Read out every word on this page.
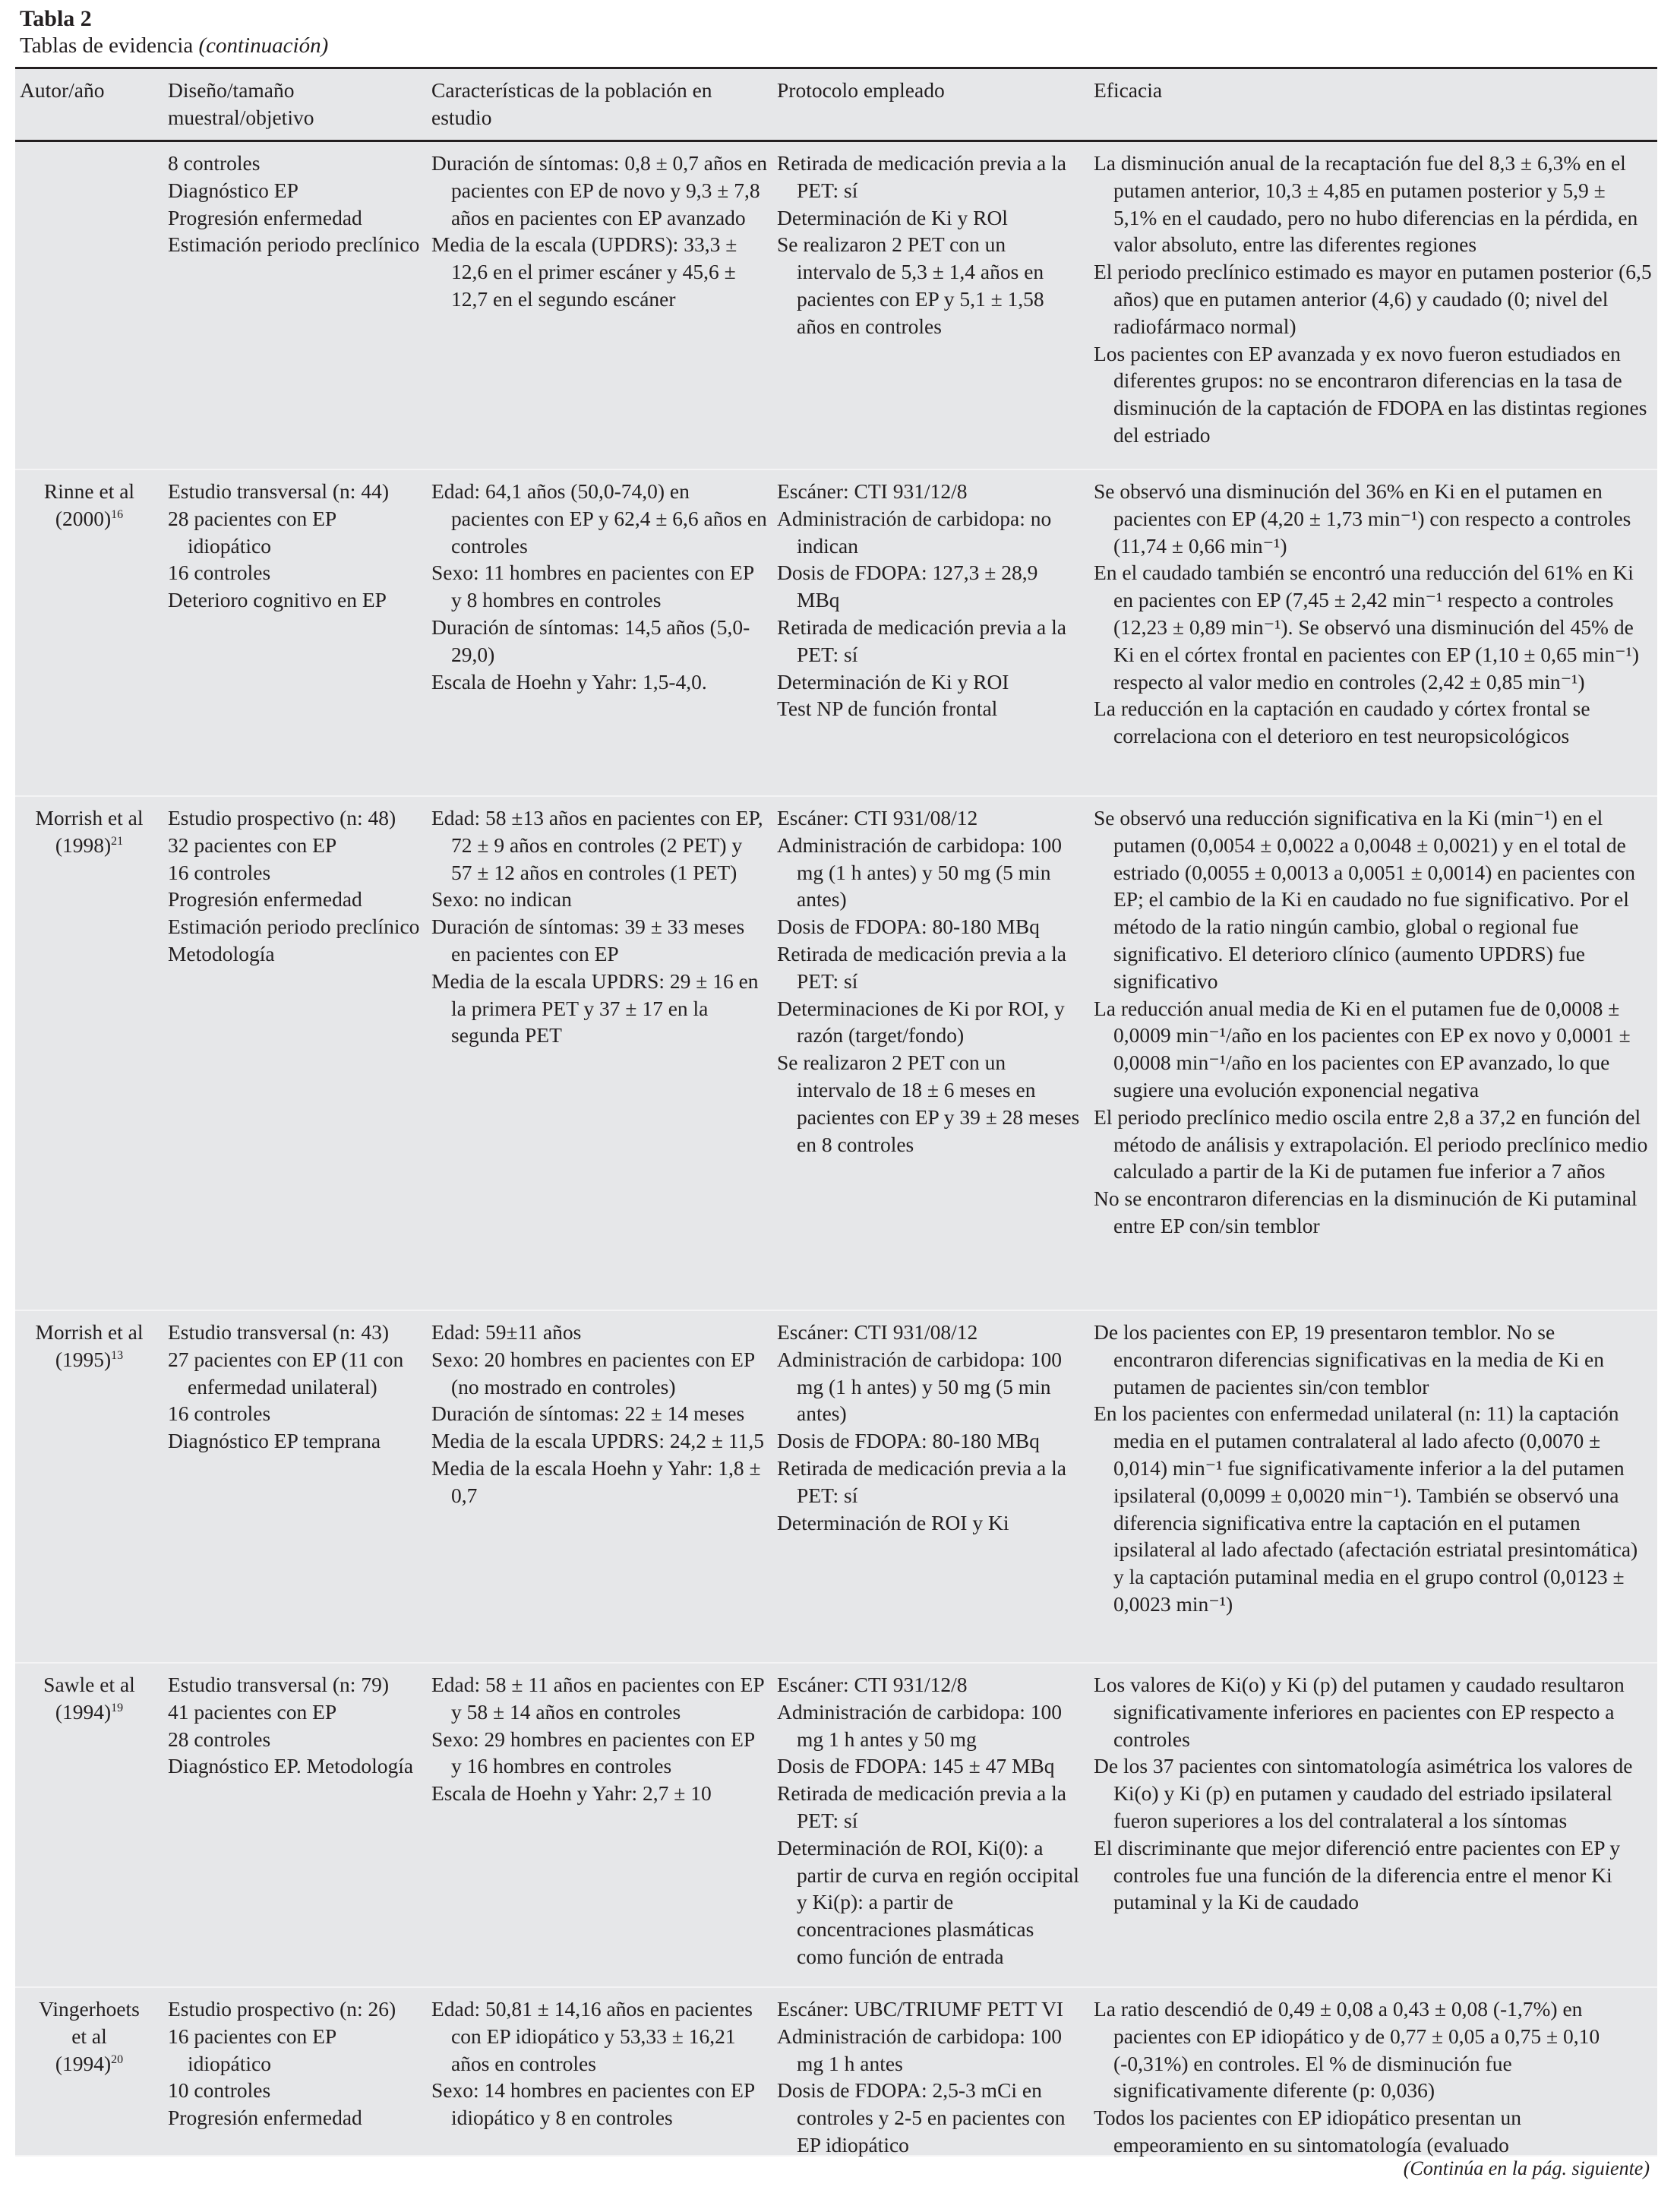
Tabla 2
Tablas de evidencia (continuación)
Autor/año	Diseño/tamaño muestral/objetivo
Características de la población en estudio
Protocolo empleado	Eficacia
8 controles
Diagnóstico EP
Progresión enfermedad
Estimación periodo preclínico
Duración de síntomas: 0,8 ± 0,7 años en pacientes con EP de novo y 9,3 ± 7,8 años en pacientes con EP avanzado
Media de la escala (UPDRS): 33,3 ± 12,6 en el primer escáner y 45,6 ± 12,7 en el segundo escáner
Retirada de medicación previa a la PET: sí
Determinación de Ki y ROl
Se realizaron 2 PET con un intervalo de 5,3 ± 1,4 años en pacientes con EP y 5,1 ± 1,58 años en controles
La disminución anual de la recaptación fue del 8,3 ± 6,3% en el putamen anterior, 10,3 ± 4,85 en putamen posterior y 5,9 ± 5,1% en el caudado, pero no hubo diferencias en la pérdida, en valor absoluto, entre las diferentes regiones
El periodo preclínico estimado es mayor en putamen posterior (6,5 años) que en putamen anterior (4,6) y caudado (0; nivel del radiofármaco normal)
Los pacientes con EP avanzada y ex novo fueron estudiados en diferentes grupos: no se encontraron diferencias en la tasa de disminución de la captación de FDOPA en las distintas regiones del estriado
Rinne et al
$(2000)^{16}$
Estudio transversal (n: 44)
28 pacientes con EP idiopático
16 controles
Deterioro cognitivo en EP
Edad: 64,1 años (50,0-74,0) en pacientes con EP y 62,4 ± 6,6 años en controles
Sexo: 11 hombres en pacientes con EP y 8 hombres en controles
Duración de síntomas: 14,5 años (5,0-29,0)
Escala de Hoehn y Yahr: 1,5-4,0.
Escáner: CTI 931/12/8
Administración de carbidopa: no indican
Dosis de FDOPA: 127,3 ± 28,9 MBq
Retirada de medicación previa a la PET: sí
Determinación de Ki y ROI
Test NP de función frontal
Se observó una disminución del 36% en Ki en el putamen en pacientes con EP (4,20 ± 1,73 min⁻¹) con respecto a controles (11,74 ± 0,66 min⁻¹)
En el caudado también se encontró una reducción del 61% en Ki en pacientes con EP (7,45 ± 2,42 min⁻¹ respecto a controles (12,23 ± 0,89 min⁻¹). Se observó una disminución del 45% de Ki en el córtex frontal en pacientes con EP (1,10 ± 0,65 min⁻¹) respecto al valor medio en controles (2,42 ± 0,85 min⁻¹)
La reducción en la captación en caudado y córtex frontal se correlaciona con el deterioro en test neuropsicológicos
Morrish et al
$(1998)^{21}$
Estudio prospectivo (n: 48)
32 pacientes con EP
16 controles
Progresión enfermedad
Estimación periodo preclínico
Metodología
Edad: 58 ±13 años en pacientes con EP, 72 ± 9 años en controles (2 PET) y 57 ± 12 años en controles (1 PET)
Sexo: no indican
Duración de síntomas: 39 ± 33 meses en pacientes con EP
Media de la escala UPDRS: 29 ± 16 en la primera PET y 37 ± 17 en la segunda PET
Escáner: CTI 931/08/12
Administración de carbidopa: 100 mg (1 h antes) y 50 mg (5 min antes)
Dosis de FDOPA: 80-180 MBq
Retirada de medicación previa a la PET: sí
Determinaciones de Ki por ROI, y razón (target/fondo)
Se realizaron 2 PET con un intervalo de 18 ± 6 meses en pacientes con EP y 39 ± 28 meses en 8 controles
Se observó una reducción significativa en la Ki (min⁻¹) en el putamen (0,0054 ± 0,0022 a 0,0048 ± 0,0021) y en el total de estriado (0,0055 ± 0,0013 a 0,0051 ± 0,0014) en pacientes con EP; el cambio de la Ki en caudado no fue significativo. Por el método de la ratio ningún cambio, global o regional fue significativo. El deterioro clínico (aumento UPDRS) fue significativo
La reducción anual media de Ki en el putamen fue de 0,0008 ± 0,0009 min⁻¹/año en los pacientes con EP ex novo y 0,0001 ± 0,0008 min⁻¹/año en los pacientes con EP avanzado, lo que sugiere una evolución exponencial negativa
El periodo preclínico medio oscila entre 2,8 a 37,2 en función del método de análisis y extrapolación. El periodo preclínico medio calculado a partir de la Ki de putamen fue inferior a 7 años
No se encontraron diferencias en la disminución de Ki putaminal entre EP con/sin temblor
Morrish et al
$(1995)^{13}$
Estudio transversal (n: 43)
27 pacientes con EP (11 con enfermedad unilateral)
16 controles
Diagnóstico EP temprana
Edad: 59±11 años
Sexo: 20 hombres en pacientes con EP (no mostrado en controles)
Duración de síntomas: 22 ± 14 meses
Media de la escala UPDRS: 24,2 ± 11,5
Media de la escala Hoehn y Yahr: 1,8 ± 0,7
Escáner: CTI 931/08/12
Administración de carbidopa: 100 mg (1 h antes) y 50 mg (5 min antes)
Dosis de FDOPA: 80-180 MBq
Retirada de medicación previa a la PET: sí
Determinación de ROI y Ki
De los pacientes con EP, 19 presentaron temblor. No se encontraron diferencias significativas en la media de Ki en putamen de pacientes sin/con temblor
En los pacientes con enfermedad unilateral (n: 11) la captación media en el putamen contralateral al lado afecto (0,0070 ± 0,014) min⁻¹ fue significativamente inferior a la del putamen ipsilateral (0,0099 ± 0,0020 min⁻¹). También se observó una diferencia significativa entre la captación en el putamen ipsilateral al lado afectado (afectación estriatal presintomática) y la captación putaminal media en el grupo control (0,0123 ± 0,0023 min⁻¹)
Sawle et al
$(1994)^{19}$
Estudio transversal (n: 79)
41 pacientes con EP
28 controles
Diagnóstico EP. Metodología
Edad: 58 ± 11 años en pacientes con EP y 58 ± 14 años en controles
Sexo: 29 hombres en pacientes con EP y 16 hombres en controles
Escala de Hoehn y Yahr: 2,7 ± 10
Escáner: CTI 931/12/8
Administración de carbidopa: 100 mg 1 h antes y 50 mg
Dosis de FDOPA: 145 ± 47 MBq
Retirada de medicación previa a la PET: sí
Determinación de ROI, Ki(0): a partir de curva en región occipital y Ki(p): a partir de concentraciones plasmáticas como función de entrada
Los valores de Ki(o) y Ki (p) del putamen y caudado resultaron significativamente inferiores en pacientes con EP respecto a controles
De los 37 pacientes con sintomatología asimétrica los valores de Ki(o) y Ki (p) en putamen y caudado del estriado ipsilateral fueron superiores a los del contralateral a los síntomas
El discriminante que mejor diferenció entre pacientes con EP y controles fue una función de la diferencia entre el menor Ki putaminal y la Ki de caudado
Vingerhoets
et al
$(1994)^{20}$
Estudio prospectivo (n: 26)
16 pacientes con EP idiopático
10 controles
Progresión enfermedad
Edad: 50,81 ± 14,16 años en pacientes con EP idiopático y 53,33 ± 16,21 años en controles
Sexo: 14 hombres en pacientes con EP idiopático y 8 en controles
Escáner: UBC/TRIUMF PETT VI
Administración de carbidopa: 100 mg 1 h antes
Dosis de FDOPA: 2,5-3 mCi en controles y 2-5 en pacientes con EP idiopático
La ratio descendió de 0,49 ± 0,08 a 0,43 ± 0,08 (-1,7%) en pacientes con EP idiopático y de 0,77 ± 0,05 a 0,75 ± 0,10 (-0,31%) en controles. El % de disminución fue significativamente diferente (p: 0,036)
Todos los pacientes con EP idiopático presentan un empeoramiento en su sintomatología (evaluado
(Continúa en la pág. siguiente)
